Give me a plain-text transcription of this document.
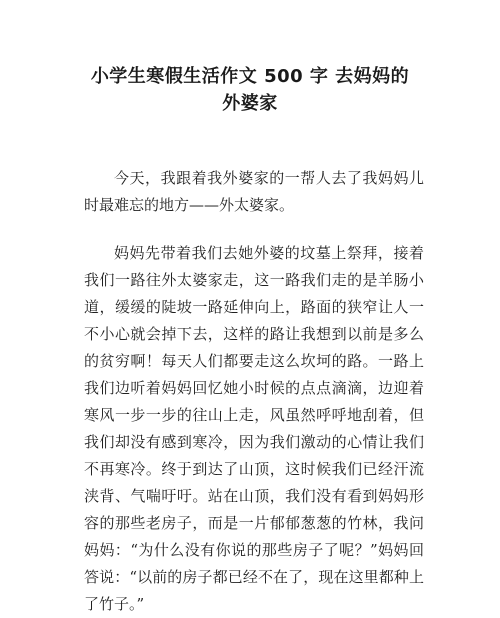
小学生寒假生活作文 500 字 去妈妈的
外婆家

今天，我跟着我外婆家的一帮人去了我妈妈儿时最难忘的地方——外太婆家。

妈妈先带着我们去她外婆的坟墓上祭拜，接着我们一路往外太婆家走，这一路我们走的是羊肠小道，缓缓的陡坡一路延伸向上，路面的狭窄让人一不小心就会掉下去，这样的路让我想到以前是多么的贫穷啊！每天人们都要走这么坎坷的路。一路上我们边听着妈妈回忆她小时候的点点滴滴，边迎着寒风一步一步的往山上走，风虽然呼呼地刮着，但我们却没有感到寒冷，因为我们激动的心情让我们不再寒冷。终于到达了山顶，这时候我们已经汗流浃背、气喘吁吁。站在山顶，我们没有看到妈妈形容的那些老房子，而是一片郁郁葱葱的竹林，我问妈妈：“为什么没有你说的那些房子了呢？”妈妈回答说：“以前的房子都已经不在了，现在这里都种上了竹子。”
